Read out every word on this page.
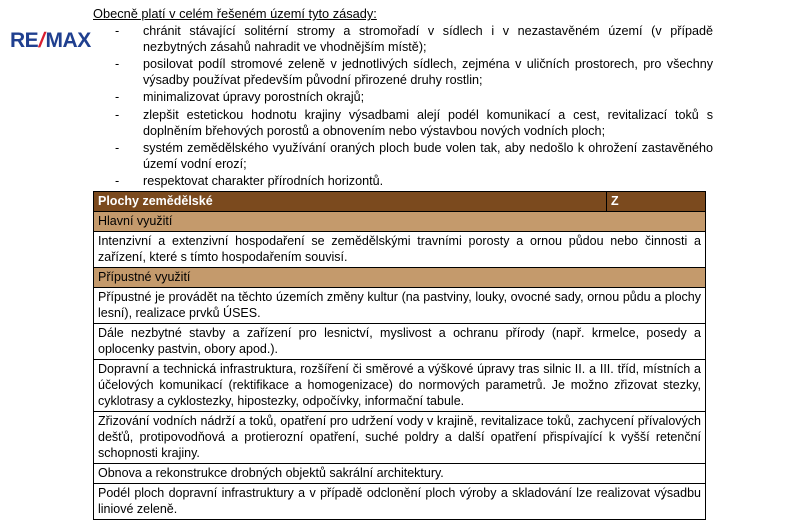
RE
/
MAX

Obecně platí v celém řešeném území tyto zásady:

- chránit stávající solitérní stromy a stromořadí v sídlech i v nezastavěném území (v případě nezbytných zásahů nahradit ve vhodnějším místě);
- posilovat podíl stromové zeleně v jednotlivých sídlech, zejména v uličních prostorech, pro všechny výsadby používat především původní přirozené druhy rostlin;
- minimalizovat úpravy porostních okrajů;
- zlepšit estetickou hodnotu krajiny výsadbami alejí podél komunikací a cest, revitalizací toků s doplněním břehových porostů a obnovením nebo výstavbou nových vodních ploch;
- systém zemědělského využívání oraných ploch bude volen tak, aby nedošlo k ohrožení zastavěného území vodní erozí;
- respektovat charakter přírodních horizontů.
Plochy zemědělské	Z
Hlavní využití
Intenzivní a extenzivní hospodaření se zemědělskými travními porosty a ornou půdou nebo činnosti a zařízení, které s tímto hospodařením souvisí.
Přípustné využití
Přípustné je provádět na těchto územích změny kultur (na pastviny, louky, ovocné sady, ornou půdu a plochy lesní), realizace prvků ÚSES.
Dále nezbytné stavby a zařízení pro lesnictví, myslivost a ochranu přírody (např. krmelce, posedy a oplocenky pastvin, obory apod.).
Dopravní a technická infrastruktura, rozšíření či směrové a výškové úpravy tras silnic II. a III. tříd, místních a účelových komunikací (rektifikace a homogenizace) do normových parametrů. Je možno zřizovat stezky, cyklotrasy a cyklostezky, hipostezky, odpočívky, informační tabule.
Zřizování vodních nádrží a toků, opatření pro udržení vody v krajině, revitalizace toků, zachycení přívalových dešťů, protipovodňová a protierozní opatření, suché poldry a další opatření přispívající k vyšší retenční schopnosti krajiny.
Obnova a rekonstrukce drobných objektů sakrální architektury.
Podél ploch dopravní infrastruktury a v případě odclonění ploch výroby a skladování lze realizovat výsadbu liniové zeleně.
